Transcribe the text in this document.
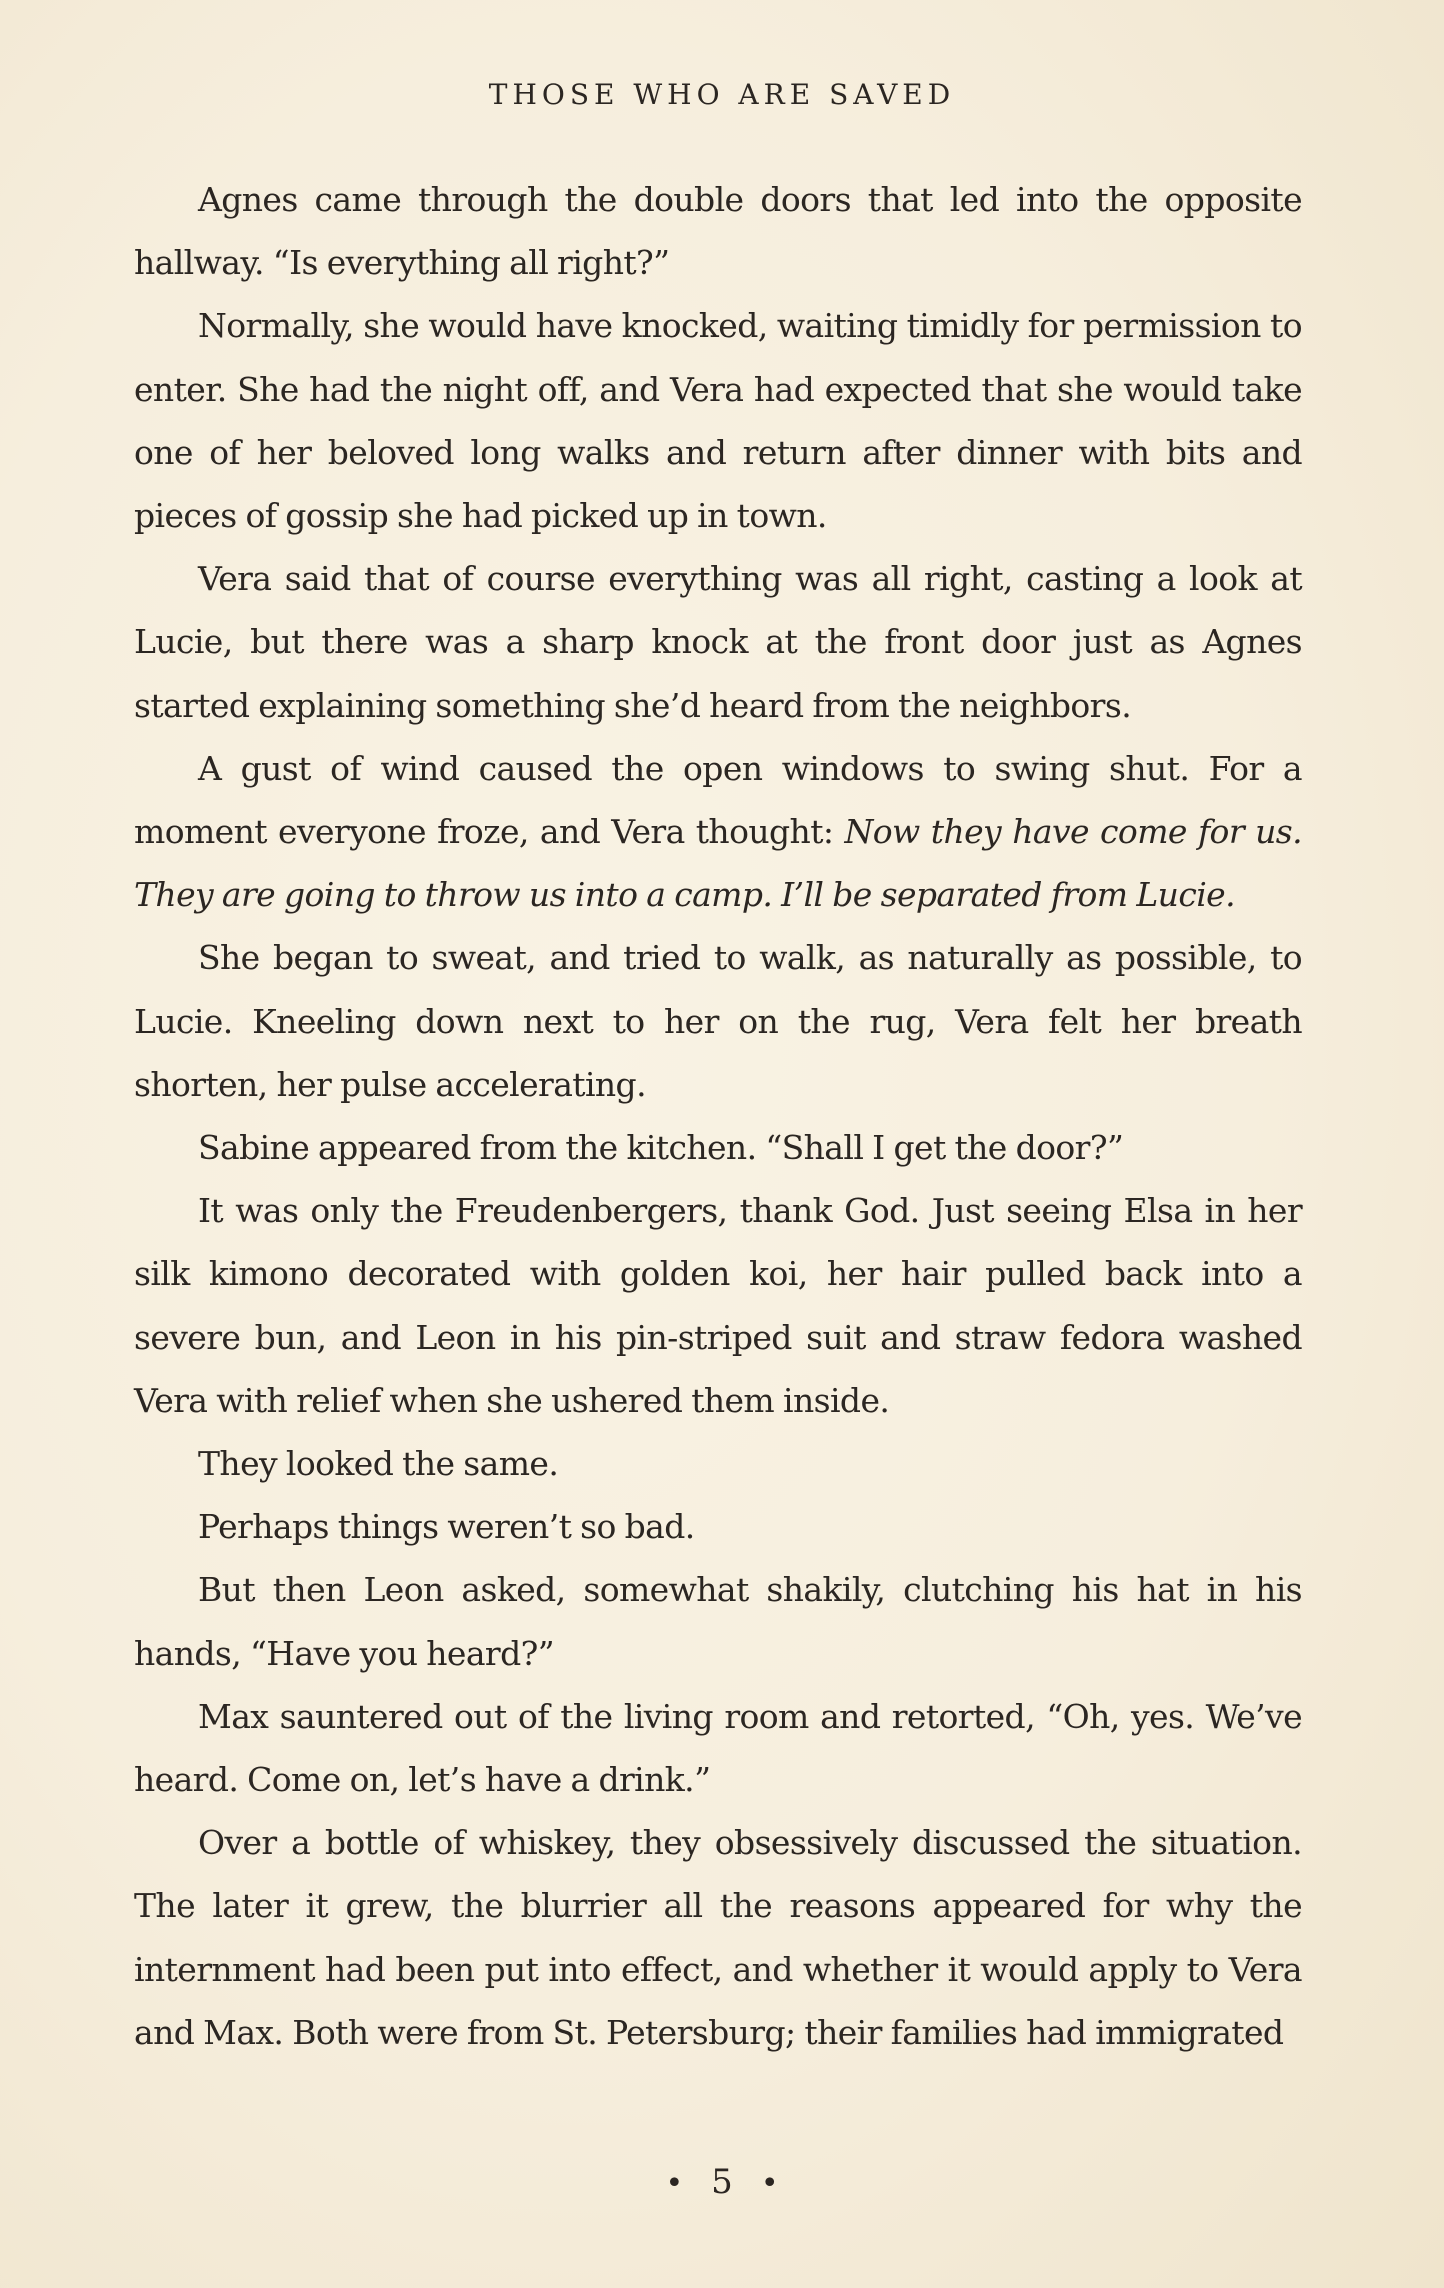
THOSE WHO ARE SAVED

Agnes came through the double doors that led into the opposite hallway. “Is everything all right?”

Normally, she would have knocked, waiting timidly for permission to enter. She had the night off, and Vera had expected that she would take one of her beloved long walks and return after dinner with bits and pieces of gossip she had picked up in town.

Vera said that of course everything was all right, casting a look at Lucie, but there was a sharp knock at the front door just as Agnes started explaining something she’d heard from the neighbors.

A gust of wind caused the open windows to swing shut. For a moment everyone froze, and Vera thought: Now they have come for us. They are going to throw us into a camp. I’ll be separated from Lucie.

She began to sweat, and tried to walk, as naturally as possible, to Lucie. Kneeling down next to her on the rug, Vera felt her breath shorten, her pulse accelerating.

Sabine appeared from the kitchen. “Shall I get the door?”

It was only the Freudenbergers, thank God. Just seeing Elsa in her silk kimono decorated with golden koi, her hair pulled back into a severe bun, and Leon in his pin-striped suit and straw fedora washed Vera with relief when she ushered them inside.

They looked the same.

Perhaps things weren’t so bad.

But then Leon asked, somewhat shakily, clutching his hat in his hands, “Have you heard?”

Max sauntered out of the living room and retorted, “Oh, yes. We’ve heard. Come on, let’s have a drink.”

Over a bottle of whiskey, they obsessively discussed the situation. The later it grew, the blurrier all the reasons appeared for why the internment had been put into effect, and whether it would apply to Vera and Max. Both were from St. Petersburg; their families had immigrated

• 5 •
